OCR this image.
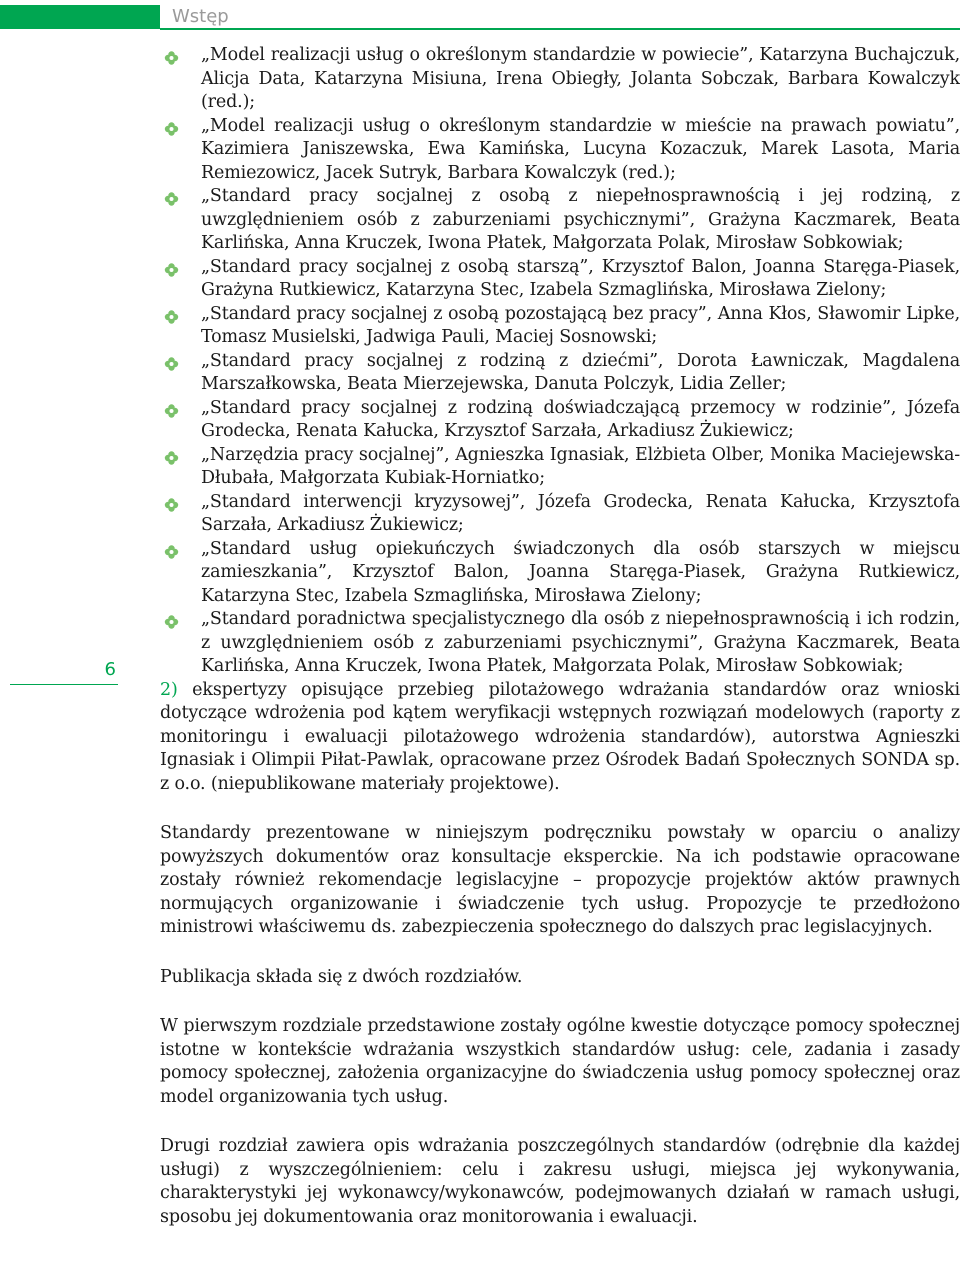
Wstęp
6
„Model realizacji usług o określonym standardzie w powiecie”, Katarzyna Buchajczuk, Alicja Data, Katarzyna Misiuna, Irena Obiegły, Jolanta Sobczak, Barbara Kowalczyk (red.);
„Model realizacji usług o określonym standardzie w mieście na prawach powiatu”, Kazimiera Janiszewska, Ewa Kamińska, Lucyna Kozaczuk, Marek Lasota, Maria Remiezowicz, Jacek Sutryk, Barbara Kowalczyk (red.);
„Standard pracy socjalnej z osobą z niepełnosprawnością i jej rodziną, z uwzględnieniem osób z zaburzeniami psychicznymi”, Grażyna Kaczmarek, Beata Karlińska, Anna Kruczek, Iwona Płatek, Małgorzata Polak, Mirosław Sobkowiak;
„Standard pracy socjalnej z osobą starszą”, Krzysztof Balon, Joanna Staręga-Piasek, Grażyna Rutkiewicz, Katarzyna Stec, Izabela Szmaglińska, Mirosława Zielony;
„Standard pracy socjalnej z osobą pozostającą bez pracy”, Anna Kłos, Sławomir Lipke, Tomasz Musielski, Jadwiga Pauli, Maciej Sosnowski;
„Standard pracy socjalnej z rodziną z dziećmi”, Dorota Ławniczak, Magdalena Marszałkowska, Beata Mierzejewska, Danuta Polczyk, Lidia Zeller;
„Standard pracy socjalnej z rodziną doświadczającą przemocy w rodzinie”, Józefa Grodecka, Renata Kałucka, Krzysztof Sarzała, Arkadiusz Żukiewicz;
„Narzędzia pracy socjalnej”, Agnieszka Ignasiak, Elżbieta Olber, Monika Maciejewska-Dłubała, Małgorzata Kubiak-Horniatko;
„Standard interwencji kryzysowej”, Józefa Grodecka, Renata Kałucka, Krzysztofa Sarzała, Arkadiusz Żukiewicz;
„Standard usług opiekuńczych świadczonych dla osób starszych w miejscu zamieszkania”, Krzysztof Balon, Joanna Staręga-Piasek, Grażyna Rutkiewicz, Katarzyna Stec, Izabela Szmaglińska, Mirosława Zielony;
„Standard poradnictwa specjalistycznego dla osób z niepełnosprawnością i ich rodzin, z uwzględnieniem osób z zaburzeniami psychicznymi”, Grażyna Kaczmarek, Beata Karlińska, Anna Kruczek, Iwona Płatek, Małgorzata Polak, Mirosław Sobkowiak;

2) ekspertyzy opisujące przebieg pilotażowego wdrażania standardów oraz wnioski dotyczące wdrożenia pod kątem weryfikacji wstępnych rozwiązań modelowych (raporty z monitoringu i ewaluacji pilotażowego wdrożenia standardów), autorstwa Agnieszki Ignasiak i Olimpii Piłat-Pawlak, opracowane przez Ośrodek Badań Społecznych SONDA sp. z o.o. (niepublikowane materiały projektowe).

Standardy prezentowane w niniejszym podręczniku powstały w oparciu o analizy powyższych dokumentów oraz konsultacje eksperckie. Na ich podstawie opracowane zostały również rekomendacje legislacyjne – propozycje projektów aktów prawnych normujących organizowanie i świadczenie tych usług. Propozycje te przedłożono ministrowi właściwemu ds. zabezpieczenia społecznego do dalszych prac legislacyjnych.

Publikacja składa się z dwóch rozdziałów.

W pierwszym rozdziale przedstawione zostały ogólne kwestie dotyczące pomocy społecznej istotne w kontekście wdrażania wszystkich standardów usług: cele, zadania i zasady pomocy społecznej, założenia organizacyjne do świadczenia usług pomocy społecznej oraz model organizowania tych usług.

Drugi rozdział zawiera opis wdrażania poszczególnych standardów (odrębnie dla każdej usługi) z wyszczególnieniem: celu i zakresu usługi, miejsca jej wykonywania, charakterystyki jej wykonawcy/wykonawców, podejmowanych działań w ramach usługi, sposobu jej dokumentowania oraz monitorowania i ewaluacji.
